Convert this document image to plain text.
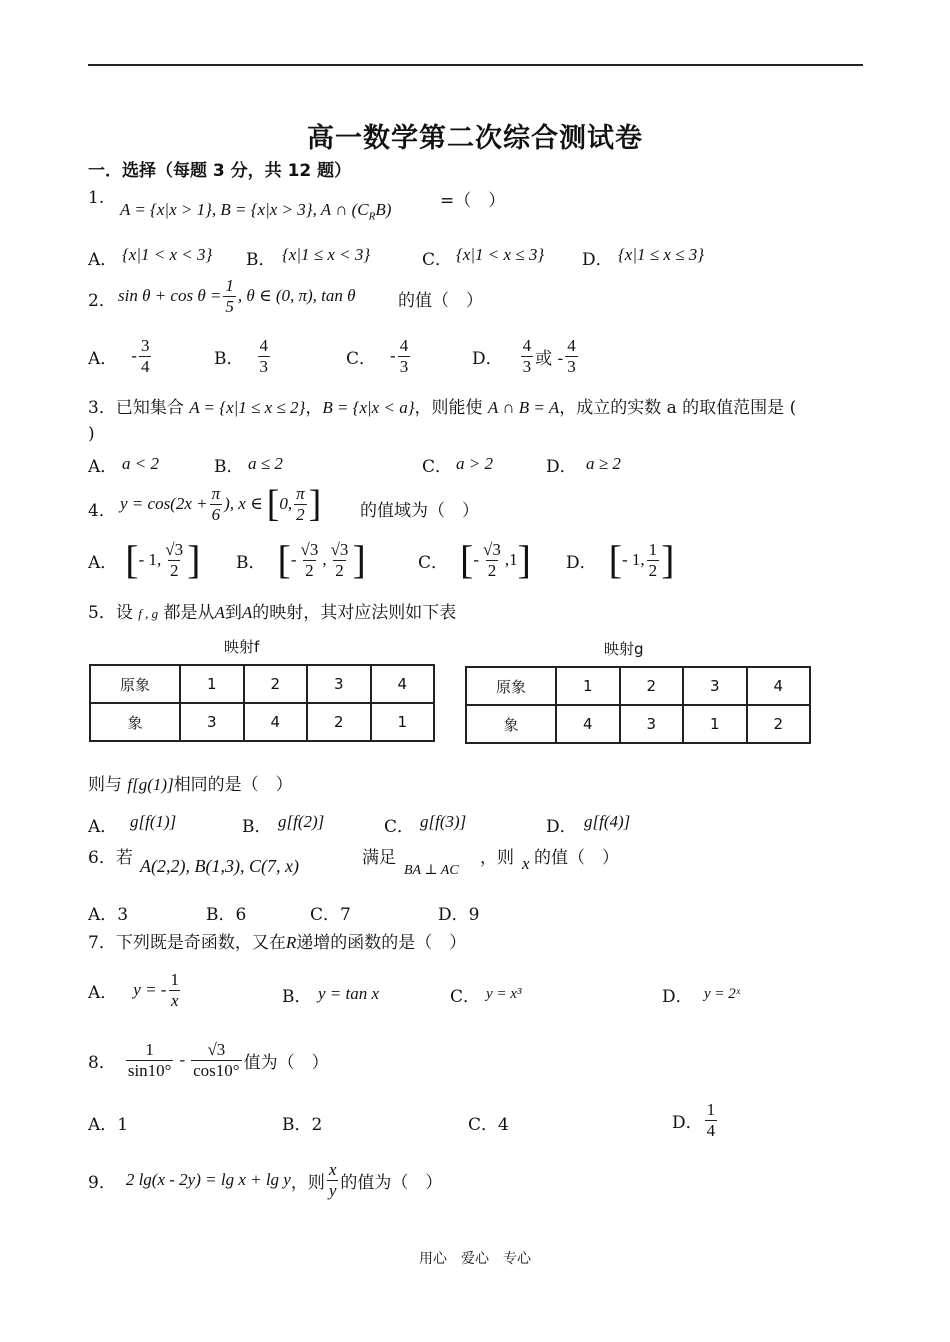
高一数学第二次综合测试卷
一．选择（每题 3 分，共 12 题）
1.
A = {x|x > 1}, B = {x|x > 3}, A ∩ $(C_RB)$	=（　）
A． {x|1 < x < 3} B． {x|1 ≤ x < 3}	C． {x|1 < x ≤ 3} D． {x|1 ≤ x ≤ 3}
2． $\sin \theta + \cos \theta = \frac{1}{5}$ , θ ∈ (0, π), tan θ 的值（　）
A． - $\frac{3}{4}$	B． $\frac{4}{3}$	C． - $\frac{4}{3}$	D． $\frac{4}{3}$ 或 - $\frac{4}{3}$
3．已知集合 A = {x|1 ≤ x ≤ 2}，B = {x|x < a}，则能使 A ∩ B = A，成立的实数 a 的取值范围是 (
)
A． a < 2	B． a ≤ 2	C． a > 2	D． a ≥ 2
4． $y = \cos(2x + \frac{\pi}{6}$ ), x ∈ [ 0, $\frac{\pi}{2}$ ] 的值域为（　）
A． [ - 1, $\frac{√3}{2}$ ] B． [ - $\frac{√3}{2}$ , $\frac{√3}{2}$ ]	C． [ - $\frac{√3}{2} ,1$ ] D． [ - 1, $\frac{1}{2}$ ]
5．设 f , g 都是从A到A的映射，其对应法则如下表
映射f	映射g
原象	1	2	3	4
象	3	4	2	1
原象	1	2	3	4
象	4	3	1	2
则与 f[g(1)]相同的是（　）
A． g[f(1)]	B． g[f(2)]	C． g[f(3)]	D． g[f(4)]
6．若 A(2,2), B(1,3), C(7, x)	满足
BA ⊥ AC
，则 x 的值（　）
A．3	B．6	C．7	D．9
7．下列既是奇函数，又在R递增的函数的是（　）
A． y = - $\frac{1}{x}$	B． y = tan x	C． y = x³	D． y = 2ˣ
8． $\frac{1}{\sin 10^\circ} - \frac{√3}{\cos 10^\circ}$ 值为（　）
A．1	B．2	C．4	D． $\frac{1}{4}$
9． 2 lg(x - 2y) = lg x + lg y ，则 $\frac{x}{y}$ 的值为（　）
用心　爱心　专心
